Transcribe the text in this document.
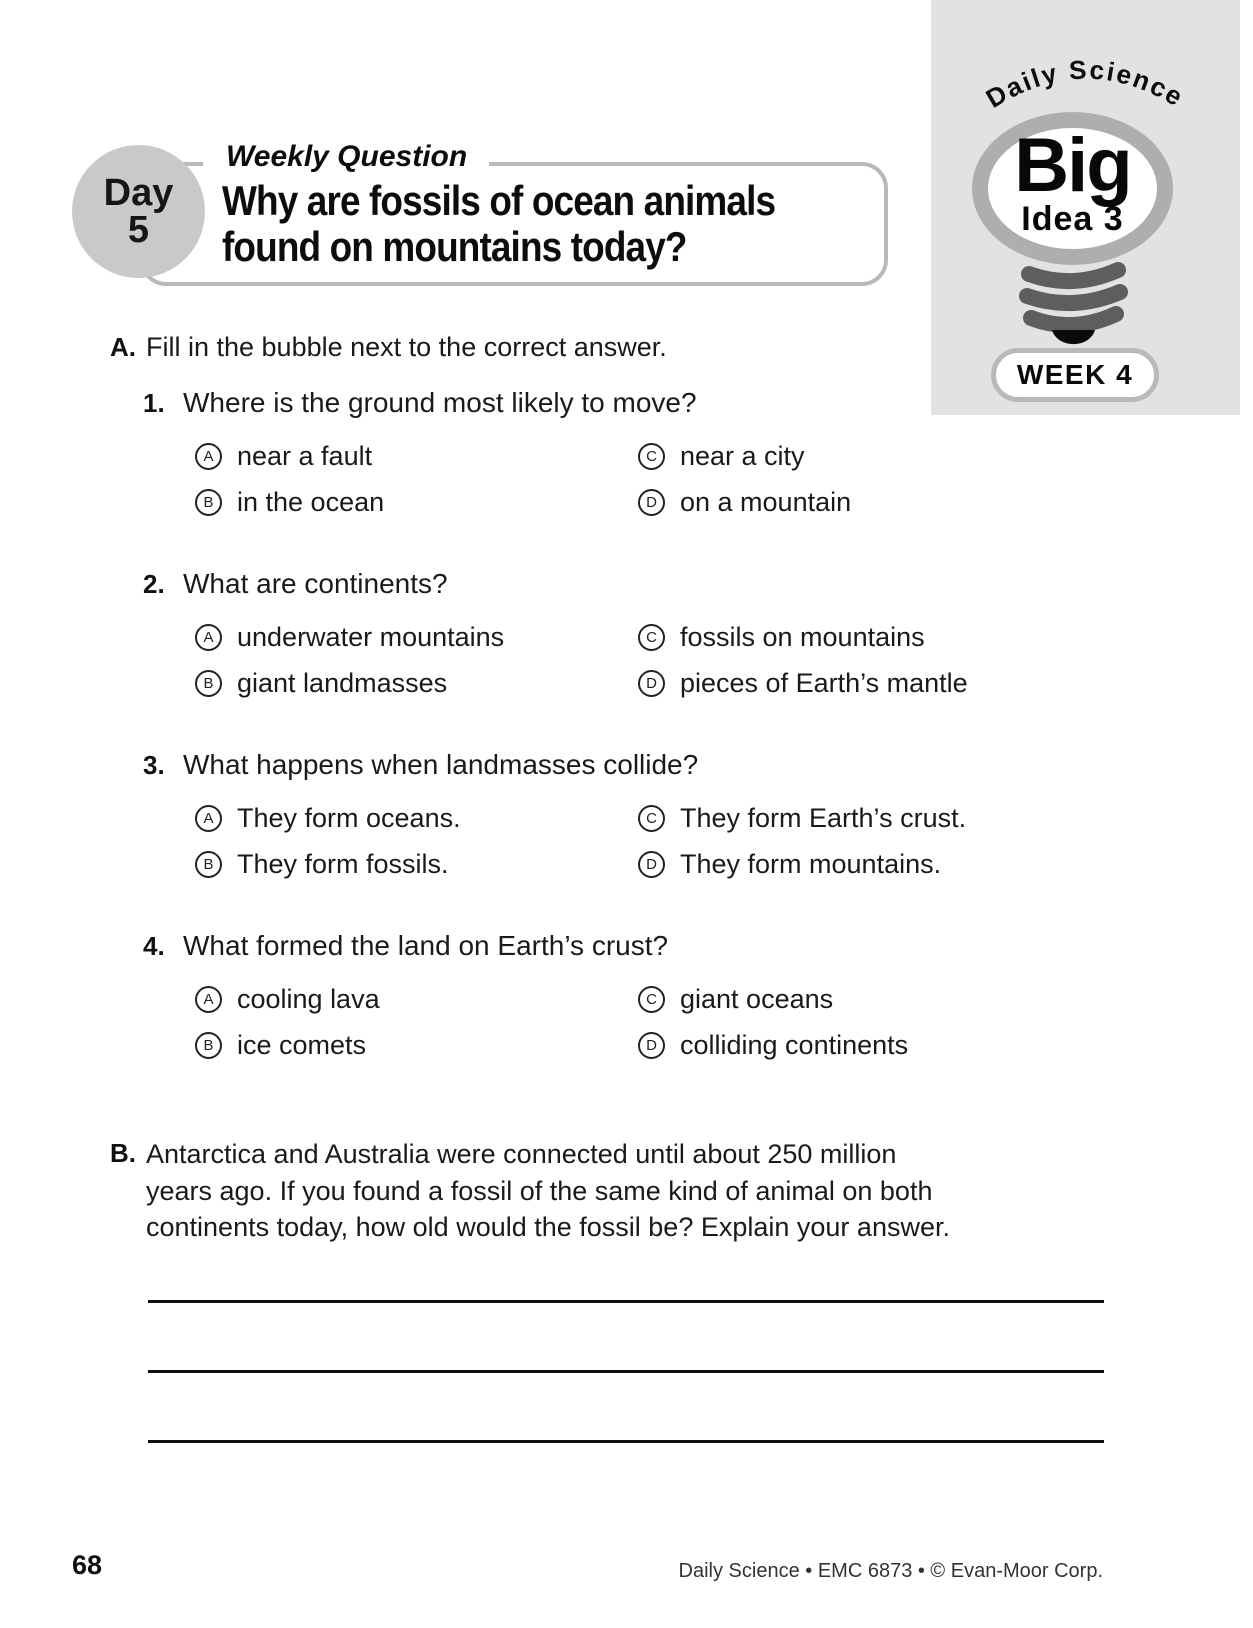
Daily Science
Big
Idea 3
WEEK 4
Day
5
Weekly Question
Why are fossils of ocean animals
found on mountains today?
A. Fill in the bubble next to the correct answer.
1. Where is the ground most likely to move?
A near a fault	C near a city
B in the ocean	D on a mountain
2. What are continents?
A underwater mountains	C fossils on mountains
B giant landmasses	D pieces of Earth’s mantle
3. What happens when landmasses collide?
A They form oceans.	C They form Earth’s crust.
B They form fossils.	D They form mountains.
4. What formed the land on Earth’s crust?
A cooling lava	C giant oceans
B ice comets	D colliding continents
B. Antarctica and Australia were connected until about 250 million
years ago. If you found a fossil of the same kind of animal on both
continents today, how old would the fossil be? Explain your answer.
68	Daily Science • EMC 6873 • © Evan-Moor Corp.
